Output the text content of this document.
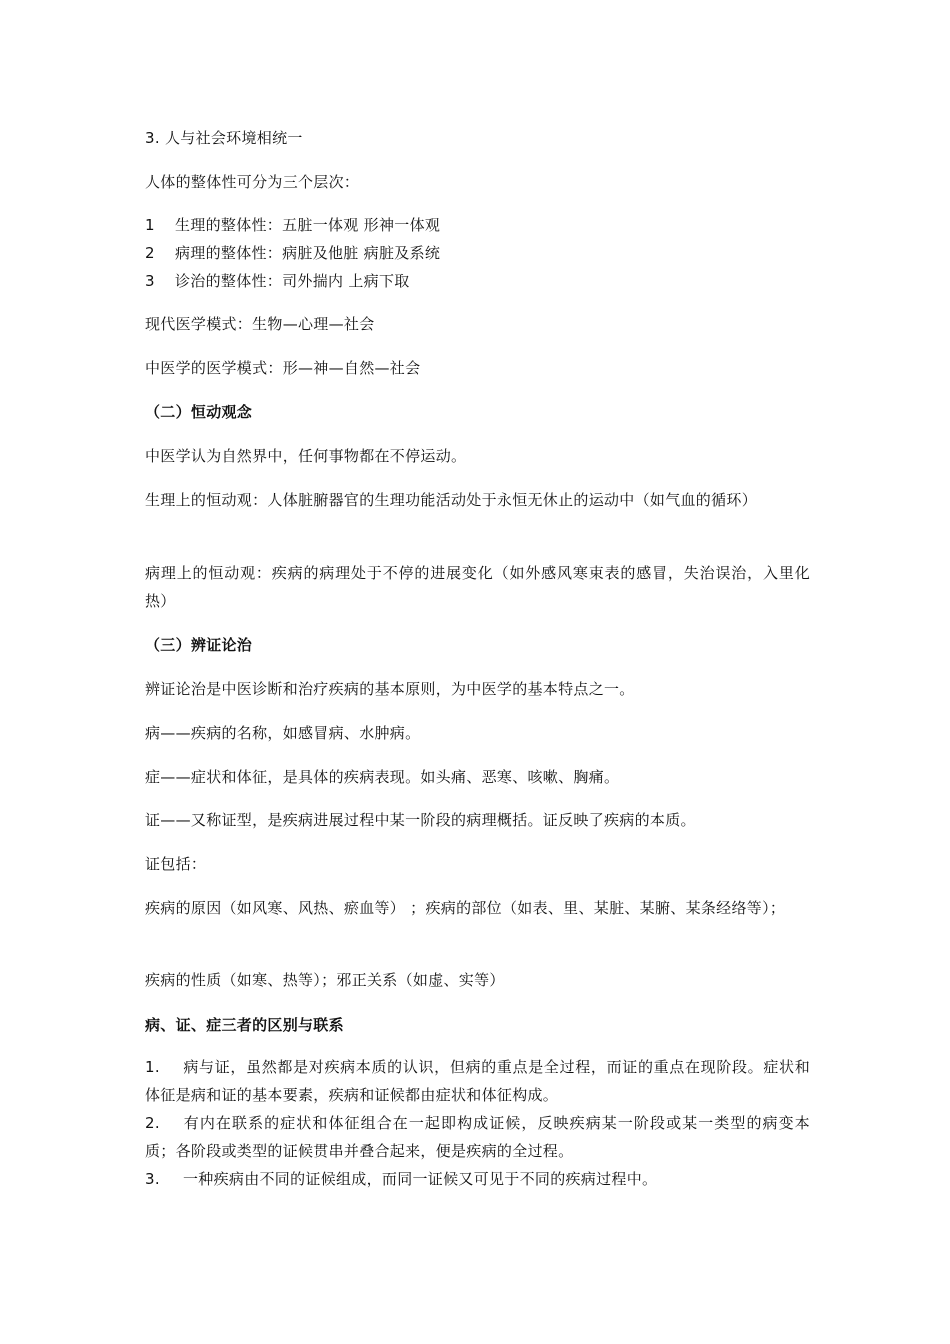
3. 人与社会环境相统一
人体的整体性可分为三个层次：
1 生理的整体性：五脏一体观 形神一体观
2 病理的整体性：病脏及他脏 病脏及系统
3 诊治的整体性：司外揣内 上病下取
现代医学模式：生物—心理—社会
中医学的医学模式：形—神—自然—社会
（二）恒动观念
中医学认为自然界中，任何事物都在不停运动。
生理上的恒动观：人体脏腑器官的生理功能活动处于永恒无休止的运动中（如气血的循环）
病理上的恒动观：疾病的病理处于不停的进展变化（如外感风寒束表的感冒，失治误治，入里化热）
（三）辨证论治
辨证论治是中医诊断和治疗疾病的基本原则，为中医学的基本特点之一。
病——疾病的名称，如感冒病、水肿病。
症——症状和体征，是具体的疾病表现。如头痛、恶寒、咳嗽、胸痛。
证——又称证型，是疾病进展过程中某一阶段的病理概括。证反映了疾病的本质。
证包括：
疾病的原因（如风寒、风热、瘀血等） ；疾病的部位（如表、里、某脏、某腑、某条经络等）；
疾病的性质（如寒、热等）；邪正关系（如虚、实等）
病、证、症三者的区别与联系
1. 病与证，虽然都是对疾病本质的认识，但病的重点是全过程，而证的重点在现阶段。症状和体征是病和证的基本要素，疾病和证候都由症状和体征构成。
2. 有内在联系的症状和体征组合在一起即构成证候，反映疾病某一阶段或某一类型的病变本质；各阶段或类型的证候贯串并叠合起来，便是疾病的全过程。
3. 一种疾病由不同的证候组成，而同一证候又可见于不同的疾病过程中。
